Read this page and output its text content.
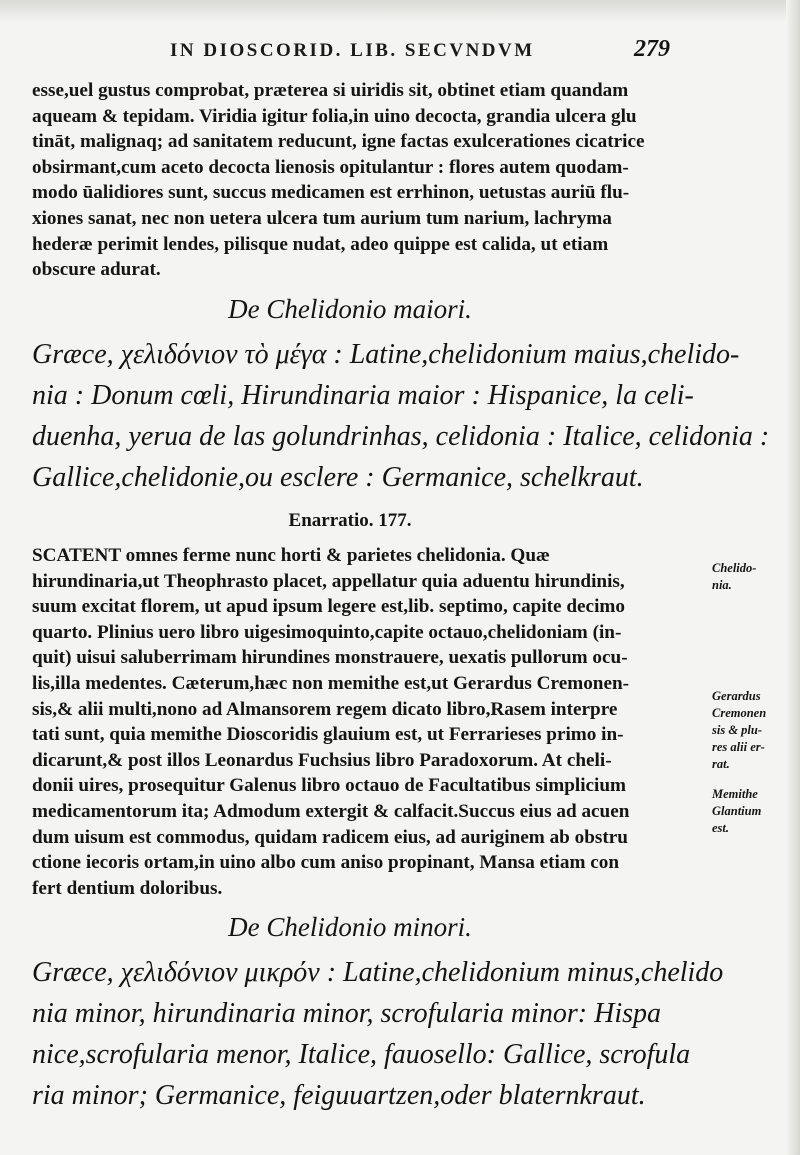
IN DIOSCORID. LIB. SECVNDVM	279
esse,uel gustus comprobat, præterea si uiridis sit, obtinet etiam quandam
aqueam & tepidam. Viridia igitur folia,in uino decocta, grandia ulcera glu
tināt, malignaq; ad sanitatem reducunt, igne factas exulcerationes cicatrice
obsirmant,cum aceto decocta lienosis opitulantur : flores autem quodam-
modo ūalidiores sunt, succus medicamen est errhinon, uetustas auriū flu-
xiones sanat, nec non uetera ulcera tum aurium tum narium, lachryma
hederæ perimit lendes, pilisque nudat, adeo quippe est calida, ut etiam
obscure adurat.
De Chelidonio maiori.
Græce, χελιδόνιον τὸ μέγα : Latine,chelidonium maius,chelido-
nia : Donum cœli, Hirundinaria maior : Hispanice, la celi-
duenha, yerua de las golundrinhas, celidonia : Italice, celidonia :
Gallice,chelidonie,ou esclere : Germanice, schelkraut.
Enarratio. 177.
SCATENT omnes ferme nunc horti & parietes chelidonia. Quæ
hirundinaria,ut Theophrasto placet, appellatur quia aduentu hirundinis,
suum excitat florem, ut apud ipsum legere est,lib. septimo, capite decimo
quarto. Plinius uero libro uigesimoquinto,capite octauo,chelidoniam (in-
quit) uisui saluberrimam hirundines monstrauere, uexatis pullorum ocu-
lis,illa medentes. Cæterum,hæc non memithe est,ut Gerardus Cremonen-
sis,& alii multi,nono ad Almansorem regem dicato libro,Rasem interpre
tati sunt, quia memithe Dioscoridis glauium est, ut Ferrarieses primo in-
dicarunt,& post illos Leonardus Fuchsius libro Paradoxorum. At cheli-
donii uires, prosequitur Galenus libro octauo de Facultatibus simplicium
medicamentorum ita; Admodum extergit & calfacit.Succus eius ad acuen
dum uisum est commodus, quidam radicem eius, ad auriginem ab obstru
ctione iecoris ortam,in uino albo cum aniso propinant, Mansa etiam con
fert dentium doloribus.
Chelido-
nia.
Gerardus
Cremonen
sis & plu-
res alii er-
rat.
Memithe
Glantium
est.
De Chelidonio minori.
Græce, χελιδόνιον μικρόν : Latine,chelidonium minus,chelido
nia minor, hirundinaria minor, scrofularia minor: Hispa
nice,scrofularia menor, Italice, fauosello: Gallice, scrofula
ria minor; Germanice, feiguuartzen,oder blaternkraut.
